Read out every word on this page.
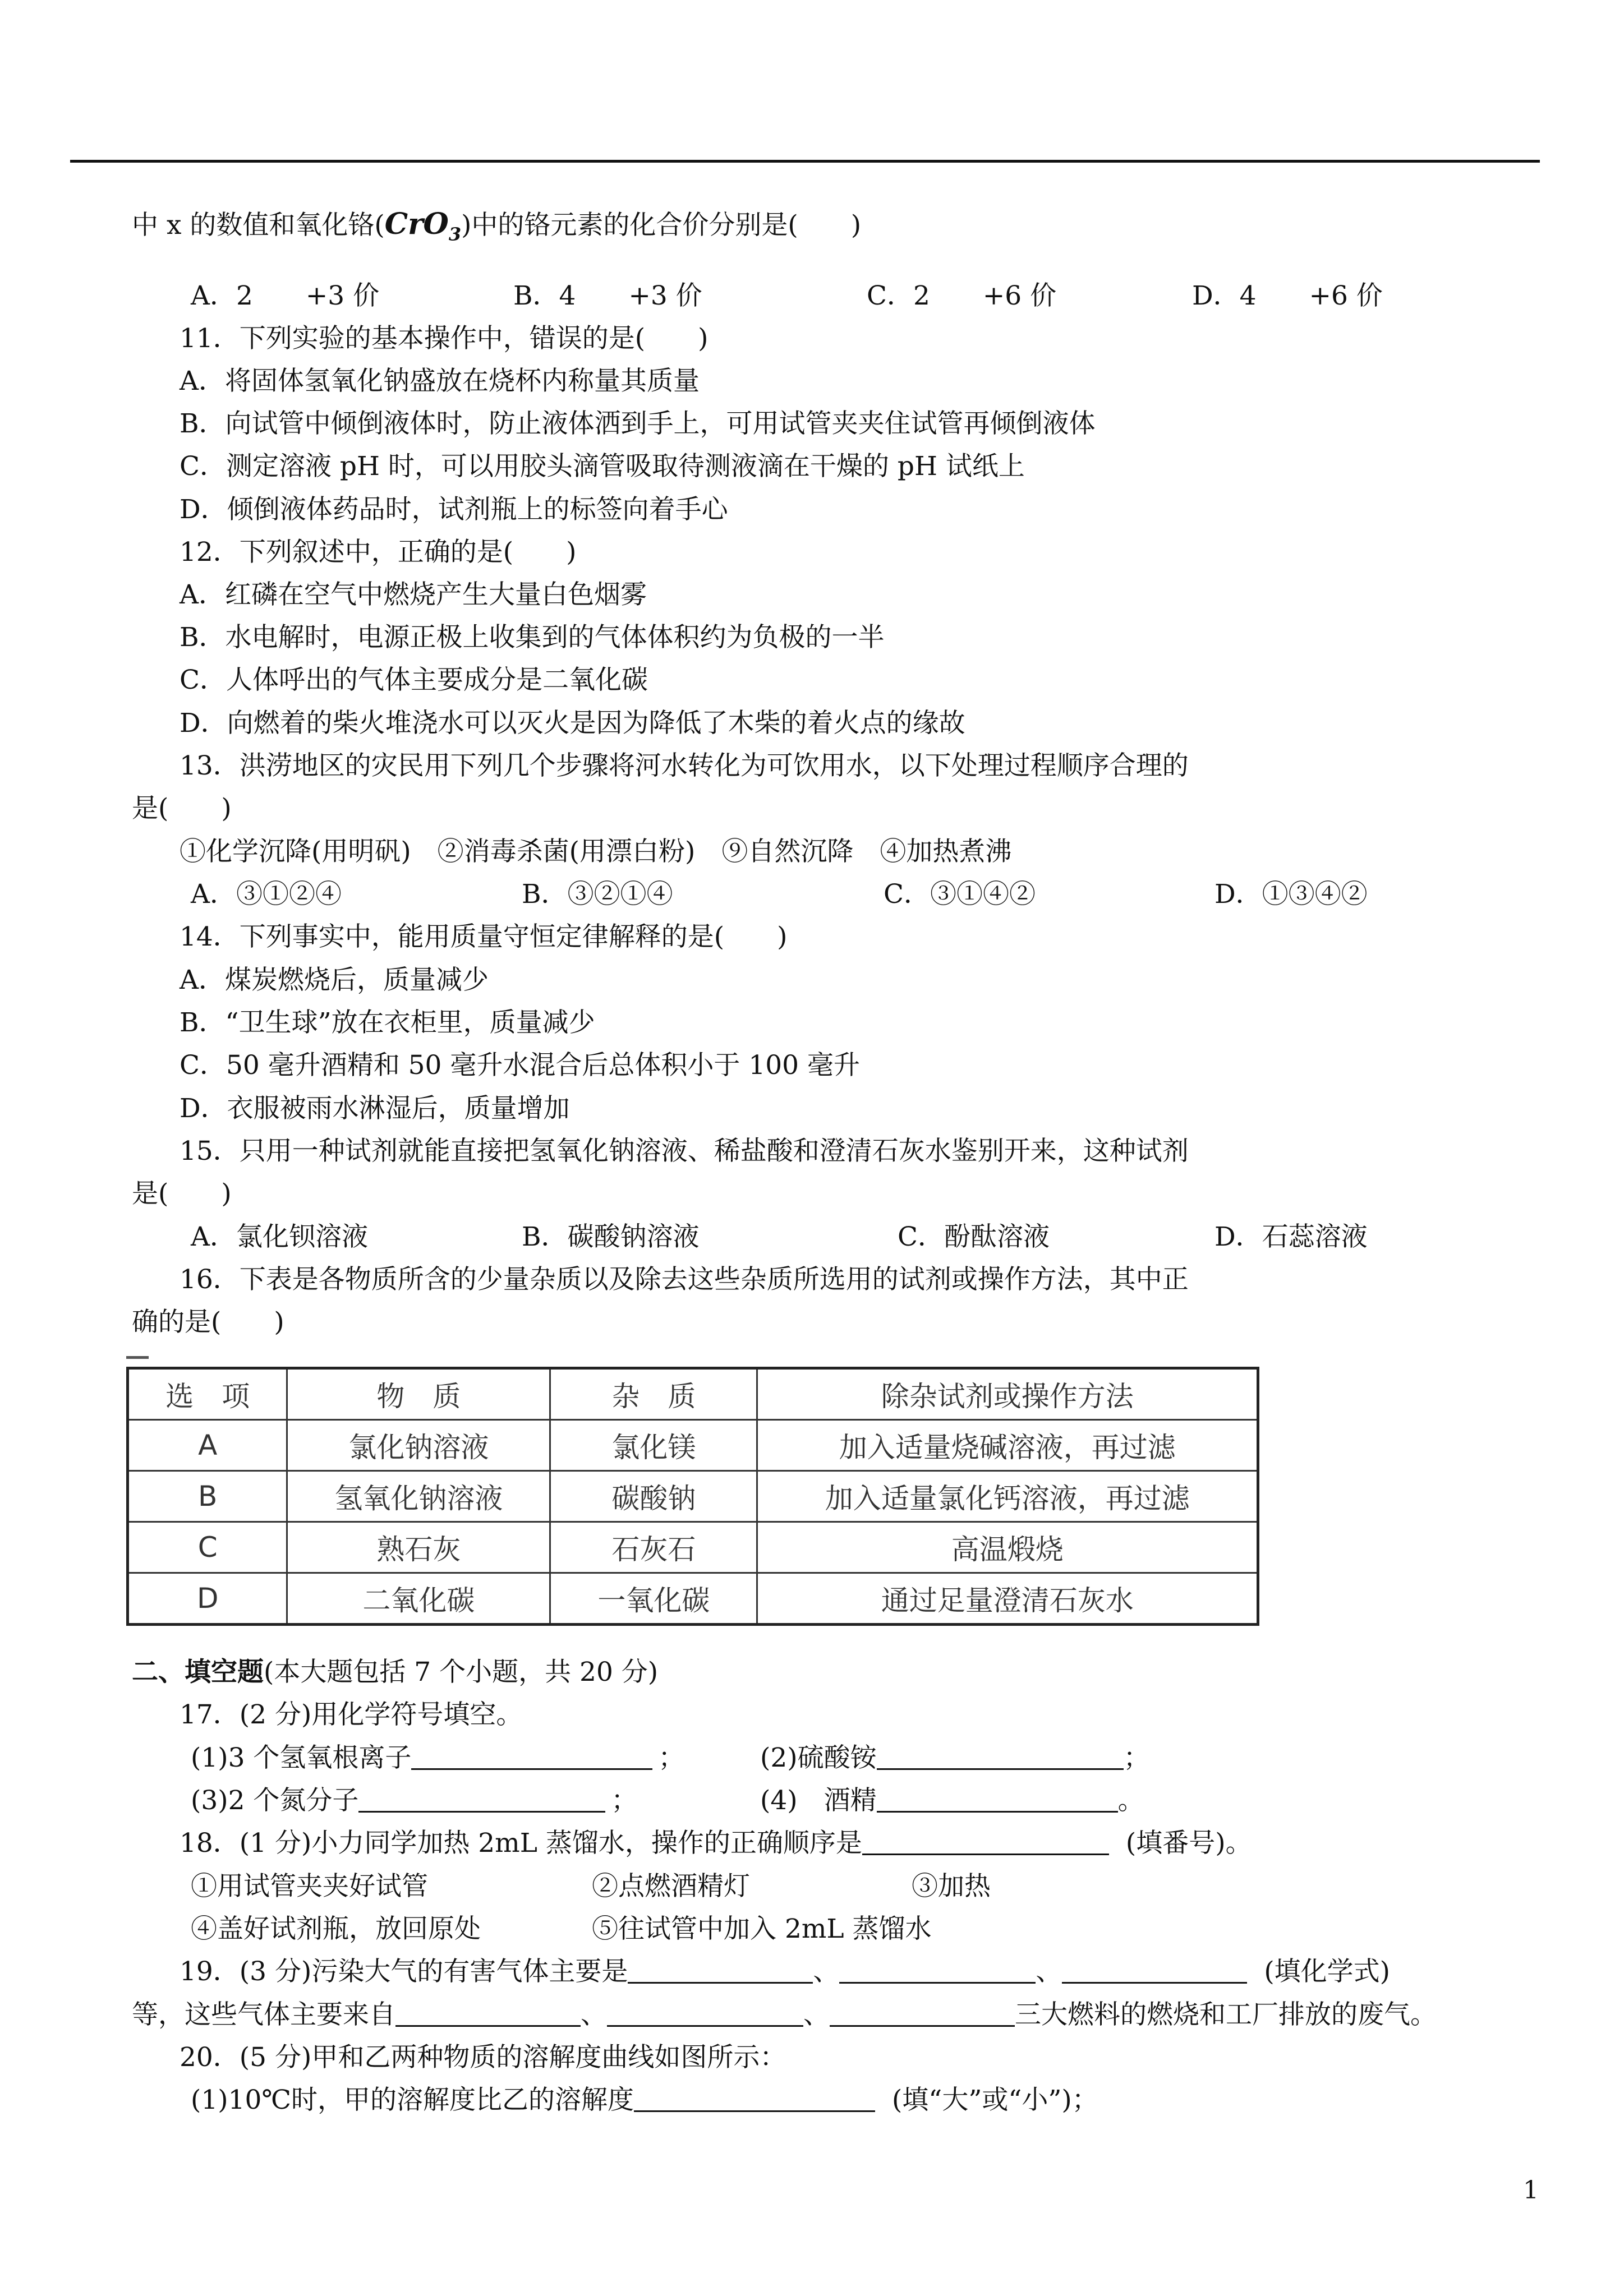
中 x 的数值和氧化铬(CrO$_3$)中的铬元素的化合价分别是(　　)
A．2　　+3 价	B．4　　+3 价	C．2　　+6 价	D．4　　+6 价
11．下列实验的基本操作中，错误的是(　　)
A．将固体氢氧化钠盛放在烧杯内称量其质量
B．向试管中倾倒液体时，防止液体洒到手上，可用试管夹夹住试管再倾倒液体
C．测定溶液 pH 时，可以用胶头滴管吸取待测液滴在干燥的 pH 试纸上
D．倾倒液体药品时，试剂瓶上的标签向着手心
12．下列叙述中，正确的是(　　)
A．红磷在空气中燃烧产生大量白色烟雾
B．水电解时，电源正极上收集到的气体体积约为负极的一半
C．人体呼出的气体主要成分是二氧化碳
D．向燃着的柴火堆浇水可以灭火是因为降低了木柴的着火点的缘故
13．洪涝地区的灾民用下列几个步骤将河水转化为可饮用水，以下处理过程顺序合理的
是(　　)
①化学沉降(用明矾)　②消毒杀菌(用漂白粉)　⑨自然沉降　④加热煮沸
A．③①②④	B．③②①④	C．③①④②	D．①③④②
14．下列事实中，能用质量守恒定律解释的是(　　)
A．煤炭燃烧后，质量减少
B．“卫生球”放在衣柜里，质量减少
C．50 毫升酒精和 50 毫升水混合后总体积小于 100 毫升
D．衣服被雨水淋湿后，质量增加
15．只用一种试剂就能直接把氢氧化钠溶液、稀盐酸和澄清石灰水鉴别开来，这种试剂
是(　　)
A．氯化钡溶液	B．碳酸钠溶液	C．酚酞溶液	D．石蕊溶液
16．下表是各物质所含的少量杂质以及除去这些杂质所选用的试剂或操作方法，其中正
确的是(　　)
选　项	物　质	杂　质	除杂试剂或操作方法
A	氯化钠溶液	氯化镁	加入适量烧碱溶液，再过滤
B	氢氧化钠溶液	碳酸钠	加入适量氯化钙溶液，再过滤
C	熟石灰	石灰石	高温煅烧
D	二氧化碳	一氧化碳	通过足量澄清石灰水
二、填空题(本大题包括 7 个小题，共 20 分)
17．(2 分)用化学符号填空。
(1)3 个氢氧根离子	；	(2)硫酸铵	；
(3)2 个氮分子	；	(4)　酒精	。
18．(1 分)小力同学加热 2mL 蒸馏水，操作的正确顺序是	(填番号)。
①用试管夹夹好试管	②点燃酒精灯	③加热
④盖好试剂瓶，放回原处	⑤往试管中加入 2mL 蒸馏水
19．(3 分)污染大气的有害气体主要是	、	、	(填化学式)
等，这些气体主要来自	、	、	三大燃料的燃烧和工厂排放的废气。
20．(5 分)甲和乙两种物质的溶解度曲线如图所示：
(1)10℃时，甲的溶解度比乙的溶解度	(填“大”或“小”)；
1
